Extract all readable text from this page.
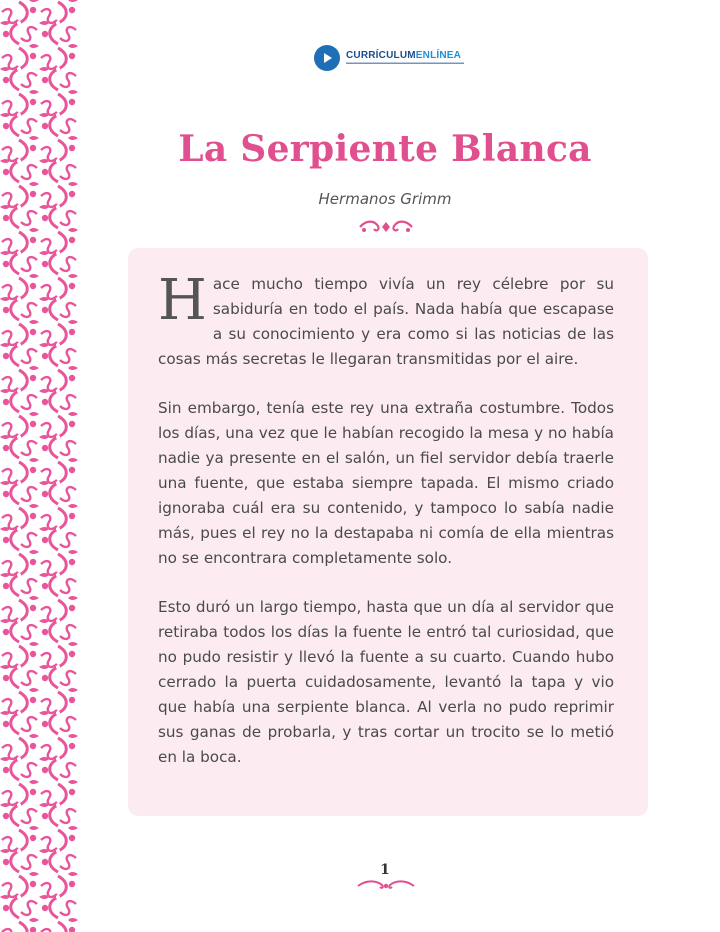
CURRÍCULUMENLÍNEA
La Serpiente Blanca
Hermanos Grimm

Hace mucho tiempo vivía un rey célebre por su sabiduría en todo el país. Nada había que escapase a su conocimiento y era como si las noticias de las cosas más secretas le llegaran transmitidas por el aire.

Sin embargo, tenía este rey una extraña costumbre. Todos los días, una vez que le habían recogido la mesa y no había nadie ya presente en el salón, un fiel servidor debía traerle una fuente, que estaba siempre tapada. El mismo criado ignoraba cuál era su contenido, y tampoco lo sabía nadie más, pues el rey no la destapaba ni comía de ella mientras no se encontrara completamente solo.

Esto duró un largo tiempo, hasta que un día al servidor que retiraba todos los días la fuente le entró tal curiosidad, que no pudo resistir y llevó la fuente a su cuarto. Cuando hubo cerrado la puerta cuidadosamente, levantó la tapa y vio que había una serpiente blanca. Al verla no pudo reprimir sus ganas de probarla, y tras cortar un trocito se lo metió en la boca.

1
